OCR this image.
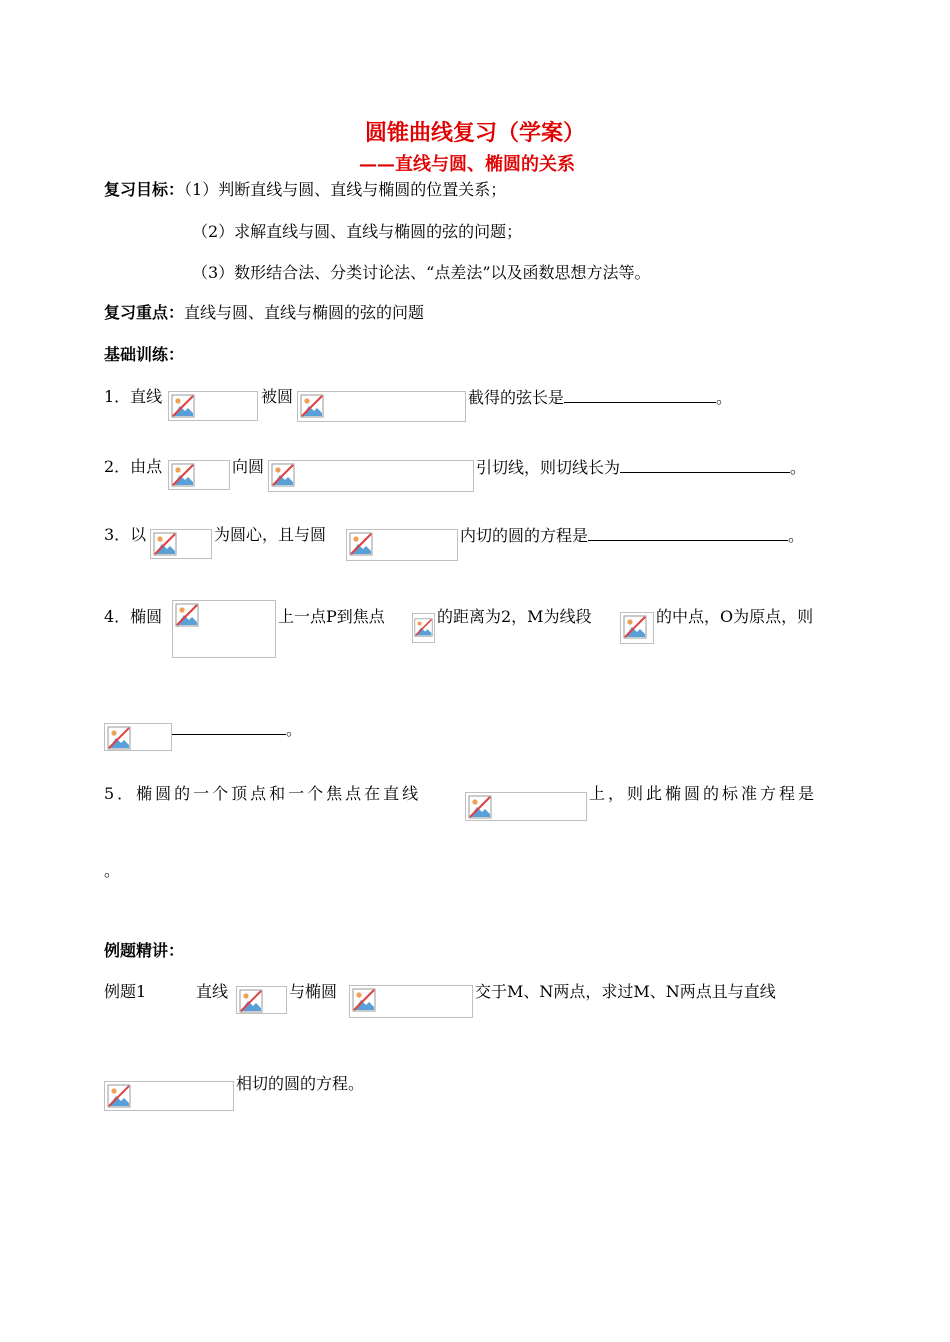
圆锥曲线复习（学案）
——直线与圆、椭圆的关系
复习目标：（1）判断直线与圆、直线与椭圆的位置关系；
（2）求解直线与圆、直线与椭圆的弦的问题；
（3）数形结合法、分类讨论法、“点差法”以及函数思想方法等。
复习重点：直线与圆、直线与椭圆的弦的问题
基础训练：
1．直线	被圆	截得的弦长是	。
2．由点	向圆	引切线，则切线长为	。
3．以	为圆心，且与圆	内切的圆的方程是	。
4．椭圆	上一点P到焦点	的距离为2，M为线段	的中点，O为原点，则
。
5．椭圆的一个顶点和一个焦点在直线	上，则此椭圆的标准方程是
。
例题精讲：
例题1	直线	与椭圆	交于M、N两点，求过M、N两点且与直线
相切的圆的方程。
